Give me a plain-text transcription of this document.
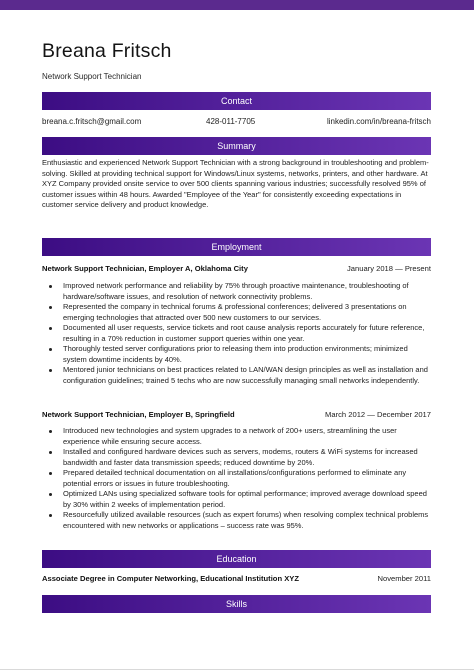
Breana Fritsch
Network Support Technician
Contact
breana.c.fritsch@gmail.com	428-011-7705	linkedin.com/in/breana-fritsch
Summary
Enthusiastic and experienced Network Support Technician with a strong background in troubleshooting and problem-solving. Skilled at providing technical support for Windows/Linux systems, networks, printers, and other hardware. At XYZ Company provided onsite service to over 500 clients spanning various industries; successfully resolved 95% of customer issues within 48 hours. Awarded "Employee of the Year" for consistently exceeding expectations in customer service delivery and product knowledge.
Employment
Network Support Technician, Employer A, Oklahoma City	January 2018 — Present
Improved network performance and reliability by 75% through proactive maintenance, troubleshooting of hardware/software issues, and resolution of network connectivity problems.
Represented the company in technical forums & professional conferences; delivered 3 presentations on emerging technologies that attracted over 500 new customers to our services.
Documented all user requests, service tickets and root cause analysis reports accurately for future reference, resulting in a 70% reduction in customer support queries within one year.
Thoroughly tested server configurations prior to releasing them into production environments; minimized system downtime incidents by 40%.
Mentored junior technicians on best practices related to LAN/WAN design principles as well as installation and configuration guidelines; trained 5 techs who are now successfully managing small networks independently.
Network Support Technician, Employer B, Springfield	March 2012 — December 2017
Introduced new technologies and system upgrades to a network of 200+ users, streamlining the user experience while ensuring secure access.
Installed and configured hardware devices such as servers, modems, routers & WiFi systems for increased bandwidth and faster data transmission speeds; reduced downtime by 20%.
Prepared detailed technical documentation on all installations/configurations performed to eliminate any potential errors or issues in future troubleshooting.
Optimized LANs using specialized software tools for optimal performance; improved average download speed by 30% within 2 weeks of implementation period.
Resourcefully utilized available resources (such as expert forums) when resolving complex technical problems encountered with new networks or applications – success rate was 95%.
Education
Associate Degree in Computer Networking, Educational Institution XYZ	November 2011
Skills
